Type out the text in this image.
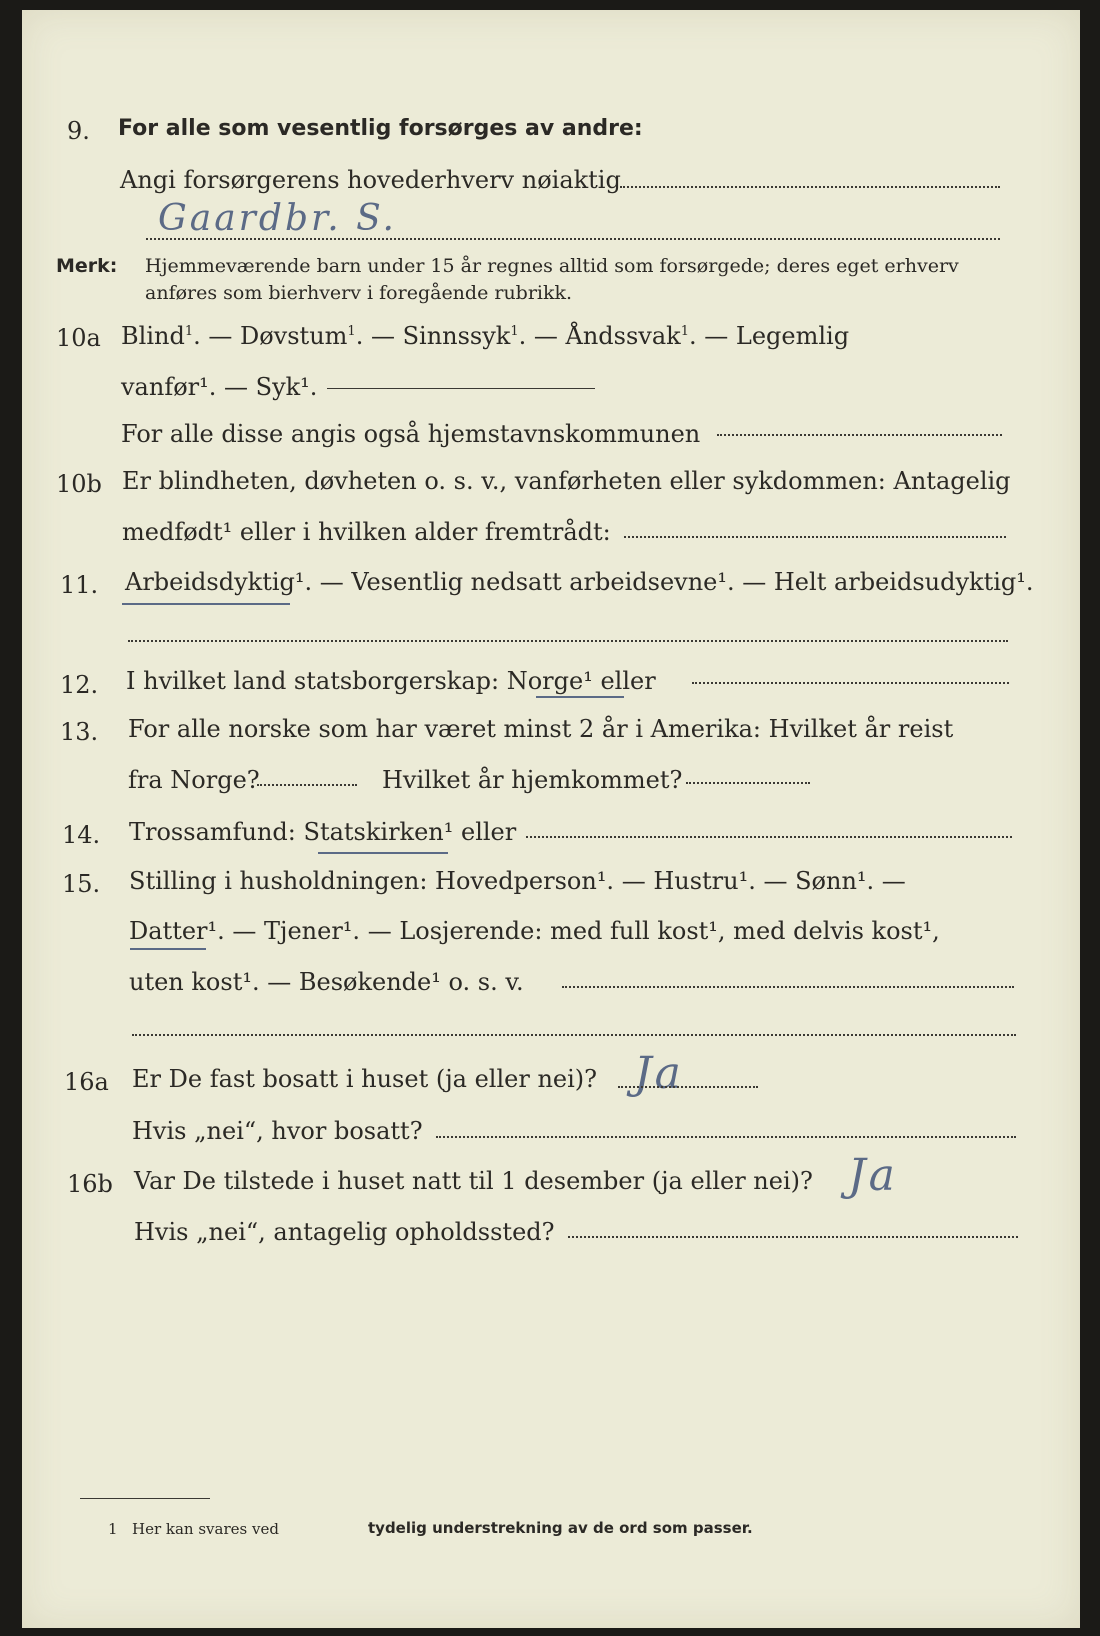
9. For alle som vesentlig forsørges av andre:
Angi forsørgerens hovederhverv nøiaktig
Gaardbr. S.
Merk: Hjemmeværende barn under 15 år regnes alltid som forsørgede; deres eget erhverv
anføres som bierhverv i foregående rubrikk.
10a Blind$^1$. — Døvstum$^1$. — Sinnssyk$^1$. — Åndssvak$^1$. — Legemlig
vanfør¹. — Syk¹.
For alle disse angis også hjemstavnskommunen
10b Er blindheten, døvheten o. s. v., vanførheten eller sykdommen: Antagelig
medfødt¹ eller i hvilken alder fremtrådt:
11. Arbeidsdyktig¹. — Vesentlig nedsatt arbeidsevne¹. — Helt arbeidsudyktig¹.
12. I hvilket land statsborgerskap: Norge¹ eller
13. For alle norske som har været minst 2 år i Amerika: Hvilket år reist
fra Norge?	Hvilket år hjemkommet?
14. Trossamfund: Statskirken¹ eller
15. Stilling i husholdningen: Hovedperson¹. — Hustru¹. — Sønn¹. —
Datter¹. — Tjener¹. — Losjerende: med full kost¹, med delvis kost¹,
uten kost¹. — Besøkende¹ o. s. v.
16a Er De fast bosatt i huset (ja eller nei)? Ja
Hvis „nei“, hvor bosatt?
16b Var De tilstede i huset natt til 1 desember (ja eller nei)? Ja
Hvis „nei“, antagelig opholdssted?
1 Her kan svares ved	tydelig understrekning av de ord som passer.
